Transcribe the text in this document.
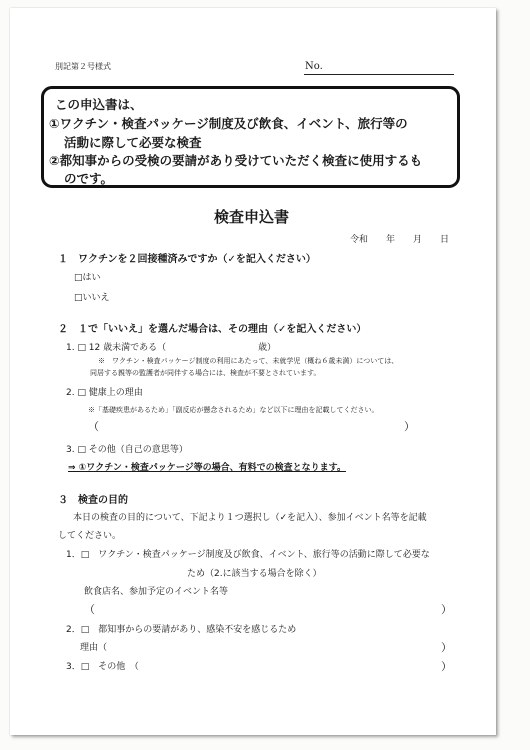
別記第２号様式	No.
この申込書は、
①ワクチン・検査パッケージ制度及び飲食、イベント、旅行等の
活動に際して必要な検査
②都知事からの受検の要請があり受けていただく検査に使用するも
のです。
検査申込書
令和　　年　　月　　日
１　ワクチンを２回接種済みですか（✓を記入ください）
□はい
□いいえ
２　１で「いいえ」を選んだ場合は、その理由（✓を記入ください）
1. □ 12 歳未満である（	歳）
※　ワクチン・検査パッケージ制度の利用にあたって、未就学児（概ね６歳未満）については、
同居する親等の監護者が同伴する場合には、検査が不要とされています。
2. □ 健康上の理由
※「基礎疾患があるため」「副反応が懸念されるため」など以下に理由を記載してください。
（	）
3. □ その他（自己の意思等）
⇒ ①ワクチン・検査パッケージ等の場合、有料での検査となります。
３　検査の目的
本日の検査の目的について、下記より１つ選択し（✓を記入）、参加イベント名等を記載
してください。
1．□　ワクチン・検査パッケージ制度及び飲食、イベント、旅行等の活動に際して必要な
ため（2.に該当する場合を除く）
飲食店名、参加予定のイベント名等
（	）
2．□　都知事からの要請があり、感染不安を感じるため
理由（	）
3．□　その他　（	）
